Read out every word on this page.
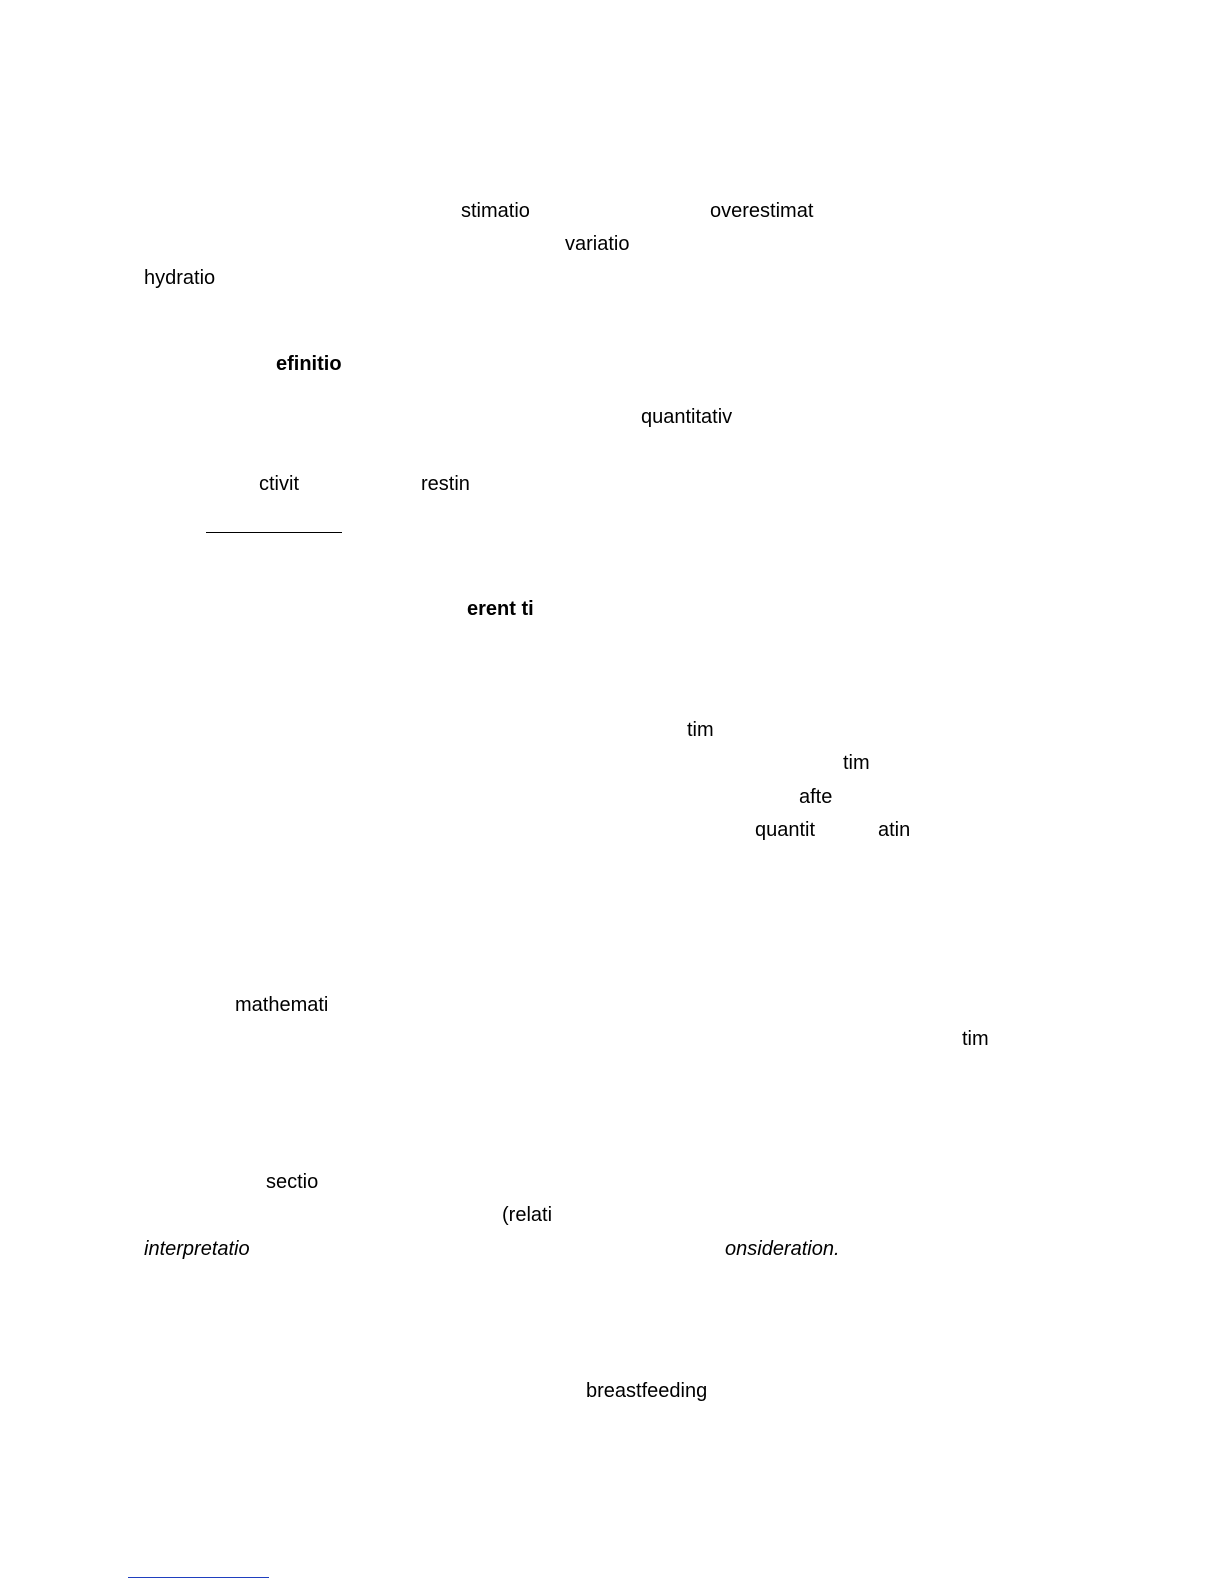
stimatio	overestimat
variatio
hydratio
efinitio
quantitativ
ctivit	restin
erent ti
tim
tim
afte
quantit	atin
mathemati
tim
sectio
(relati
interpretatio	onsideration.
breastfeeding
